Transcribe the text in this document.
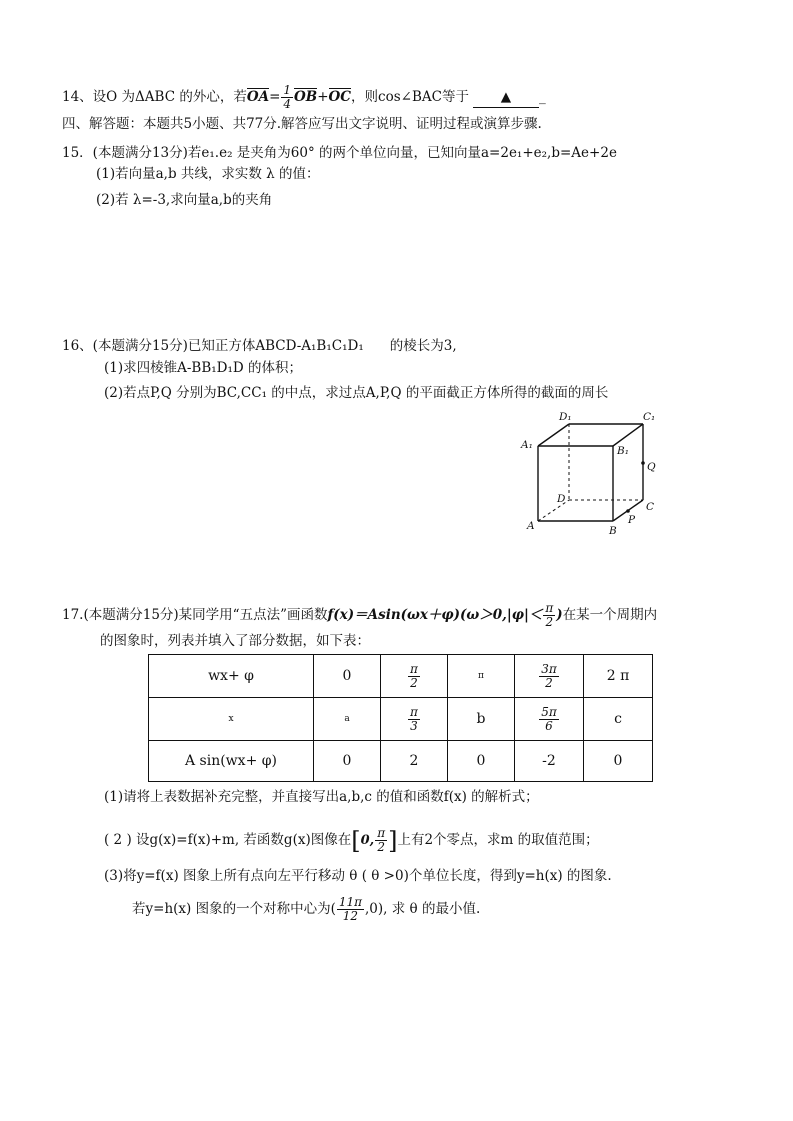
14、设O 为ΔABC 的外心，若$OA= \frac{1}{4} OB+OC$，则cos∠BAC等于 ▲ _
四、解答题：本题共5小题、共77分.解答应写出文字说明、证明过程或演算步骤.
15．(本题满分13分)若e₁.e₂ 是夹角为60° 的两个单位向量，已知向量a=2e₁+e₂,b=Ae+2e
(1)若向量a,b 共线，求实数 λ 的值：
(2)若 λ=-3,求向量a,b的夹角
16、(本题满分15分)已知正方体ABCD-A₁B₁C₁D₁ 的棱长为3,
(1)求四棱锥A-BB₁D₁D 的体积；
(2)若点P,Q 分别为BC,CC₁ 的中点，求过点A,P,Q 的平面截正方体所得的截面的周长
D₁	C₁
A₁	B₁
Q
D
C
P
A	B
17.(本题满分15分)某同学用“五点法”画函数$f(x)=Asin(\omega x+\varphi)(\omega>0,|\varphi|< \frac{\pi}{2}$ )在某一个周期内
的图象时，列表并填入了部分数据，如下表：
wx+ φ	0	$\frac{\pi}{2}$	π	$\frac{3\pi}{2}$	2 π
x	a	$\frac{\pi}{3}$	b	$\frac{5\pi}{6}$	c
A sin(wx+ φ)	0	2	0	-2	0
(1)请将上表数据补充完整，并直接写出a,b,c 的值和函数f(x) 的解析式；
( 2 ) 设g(x)=f(x)+m, 若函数g(x)图像在 [ 0, $\frac{\pi}{2}$ ] 上有2个零点，求m 的取值范围；
(3)将y=f(x) 图象上所有点向左平行移动 θ ( θ >0)个单位长度，得到y=h(x) 的图象.
若y=h(x) 图象的一个对称中心为( $\frac{11\pi}{12} ,0$), 求 θ 的最小值.
